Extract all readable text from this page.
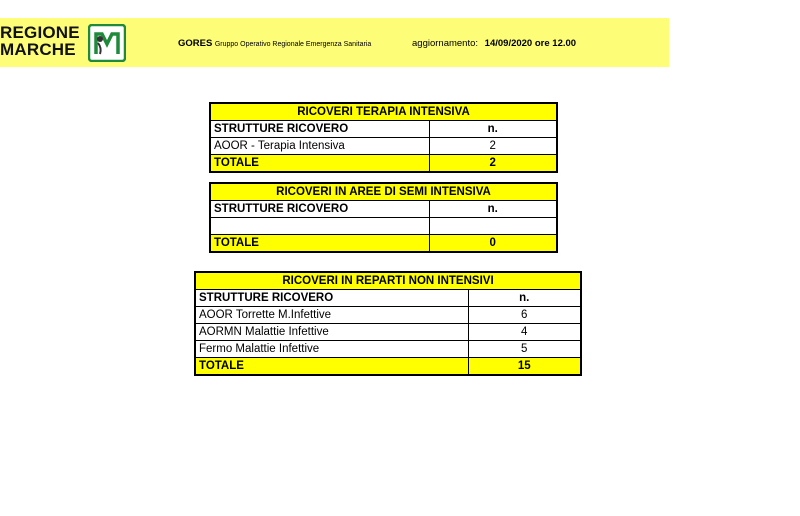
REGIONE
MARCHE	GORES Gruppo Operativo Regionale Emergenza Sanitaria	aggiornamento: 14/09/2020 ore 12.00
RICOVERI TERAPIA INTENSIVA	
STRUTTURE RICOVERO	n.
AOOR - Terapia Intensiva	2
TOTALE	2
RICOVERI IN AREE DI SEMI INTENSIVA	
STRUTTURE RICOVERO	n.

TOTALE	0
RICOVERI IN REPARTI NON INTENSIVI	
STRUTTURE RICOVERO	n.
AOOR Torrette M.Infettive	6
AORMN Malattie Infettive	4
Fermo Malattie Infettive	5
TOTALE	15
